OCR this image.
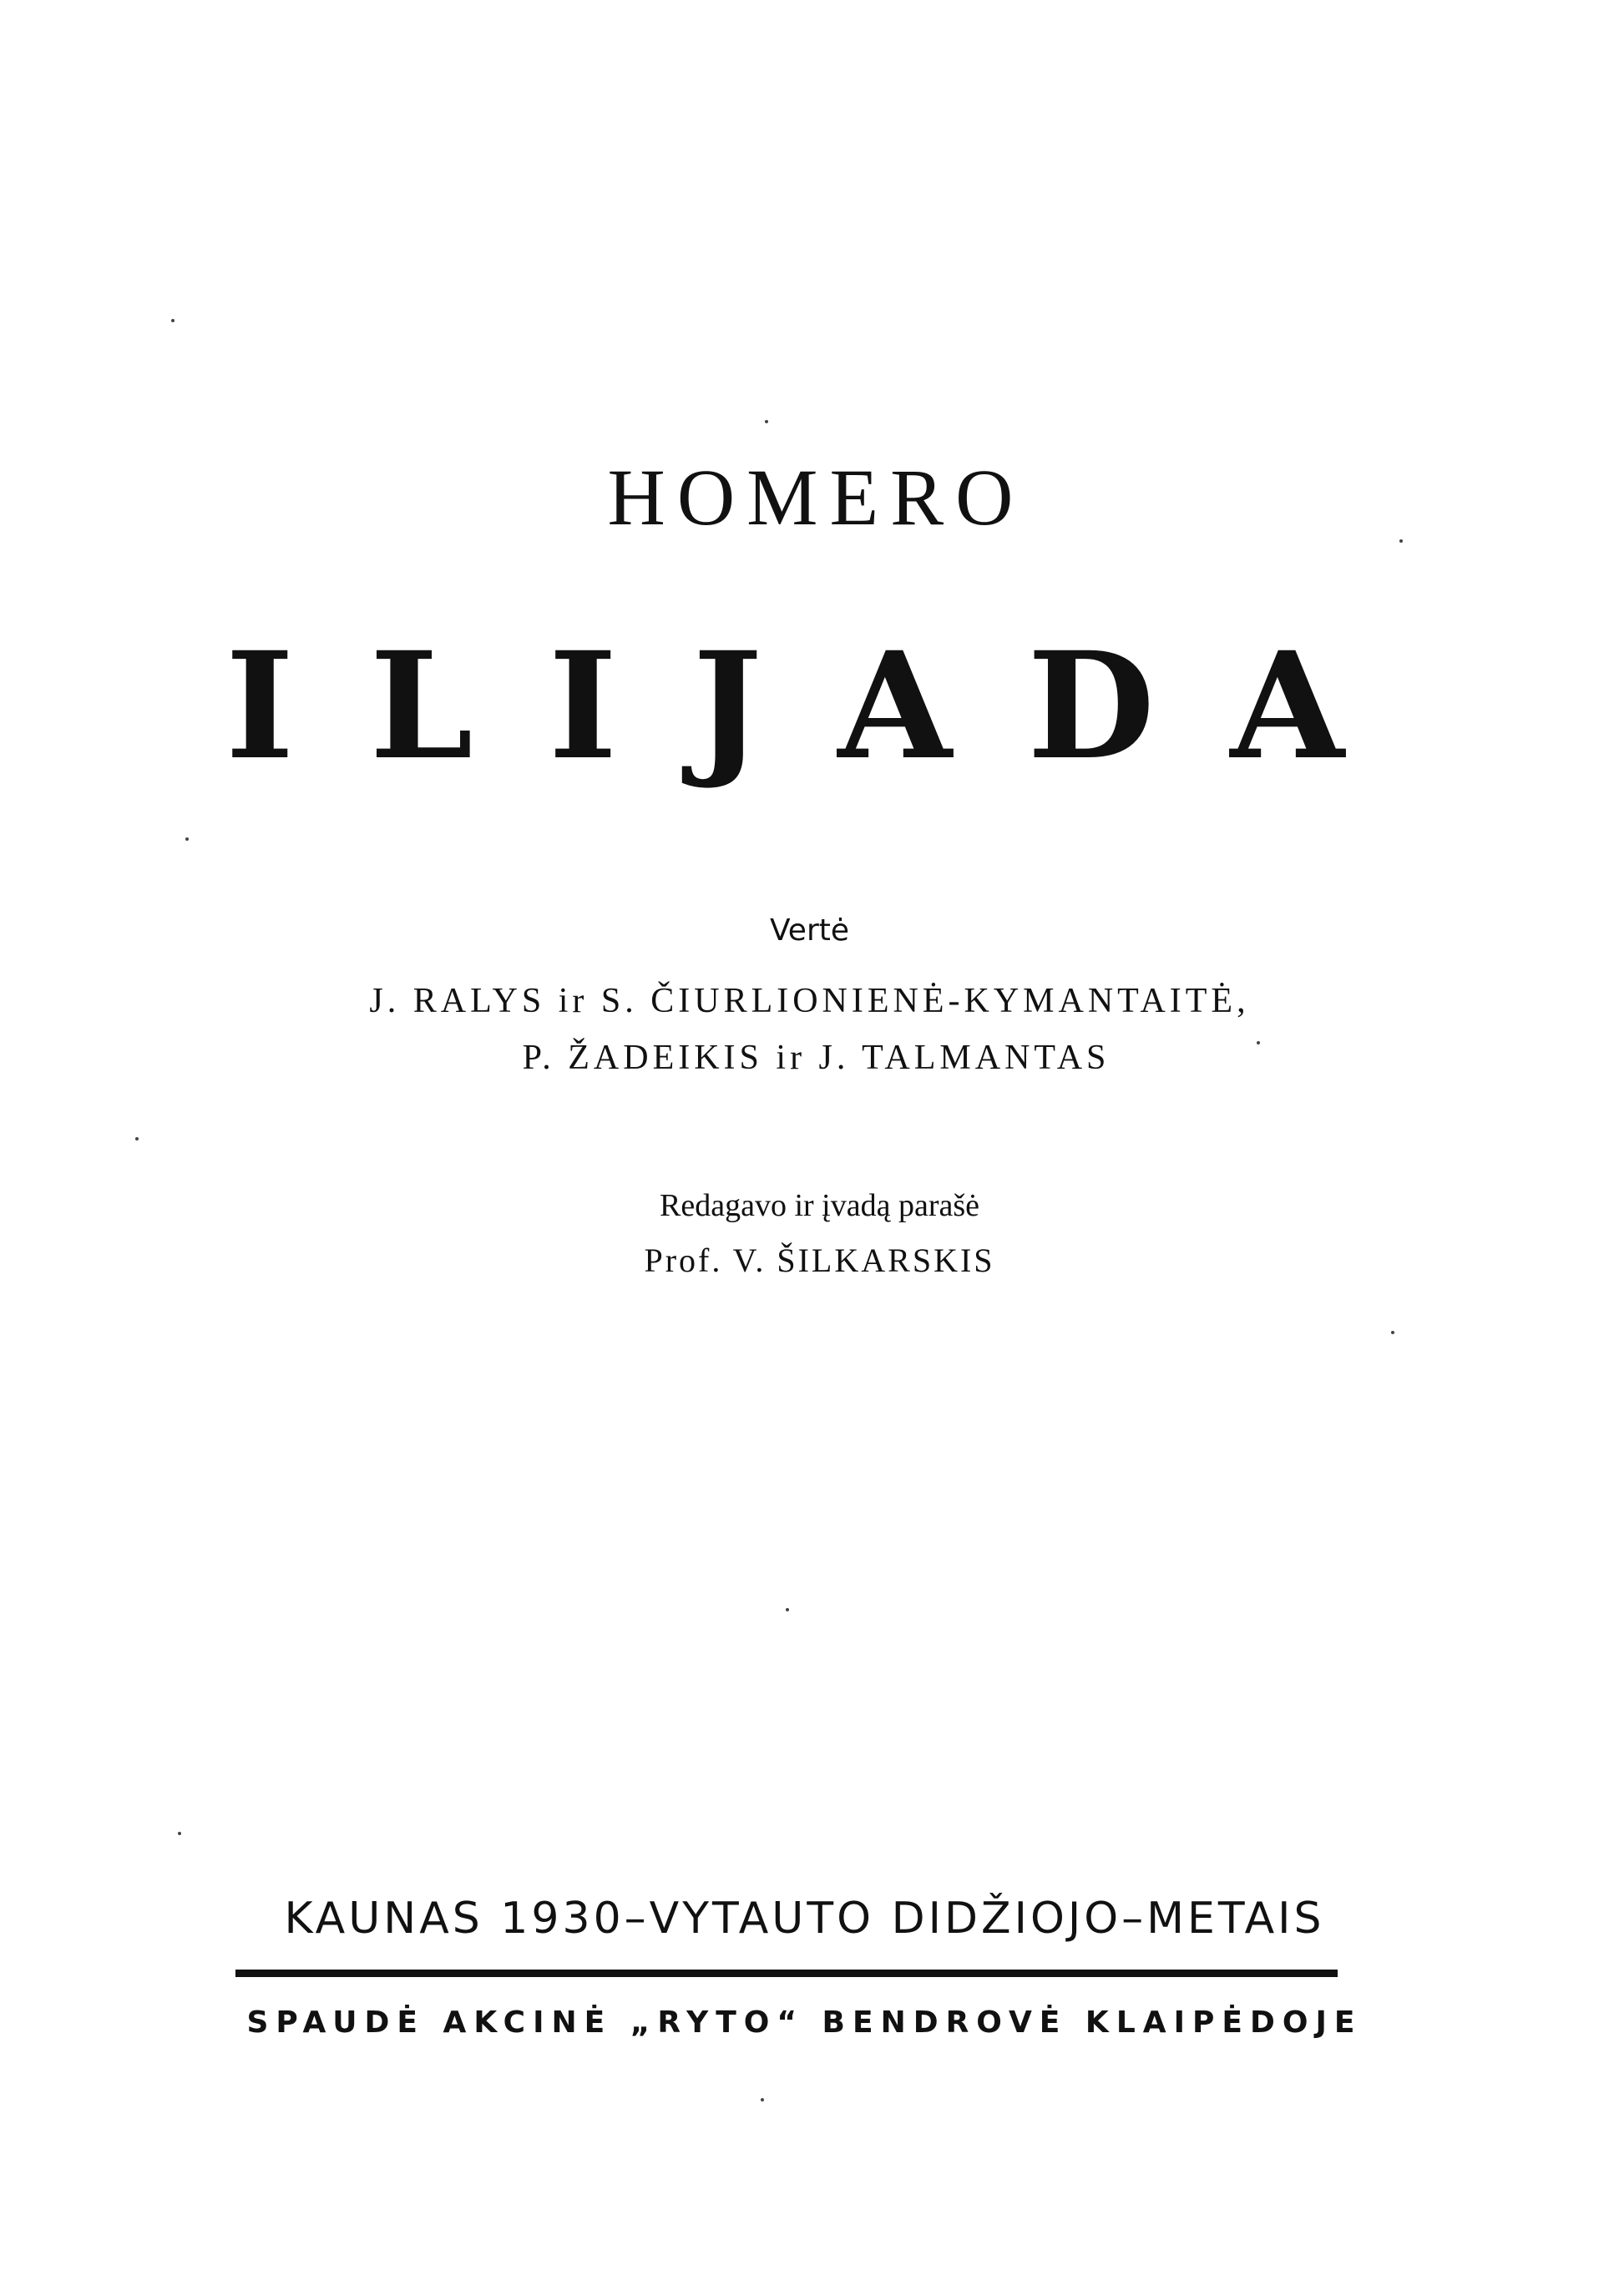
HOMERO
I L I J A D A
Vertė
J. RALYS ir S. ČIURLIONIENĖ-KYMANTAITĖ,
P. ŽADEIKIS ir J. TALMANTAS
Redagavo ir įvadą parašė
Prof. V. ŠILKARSKIS
KAUNAS 1930–VYTAUTO DIDŽIOJO–METAIS
SPAUDĖ AKCINĖ „RYTO“ BENDROVĖ KLAIPĖDOJE
